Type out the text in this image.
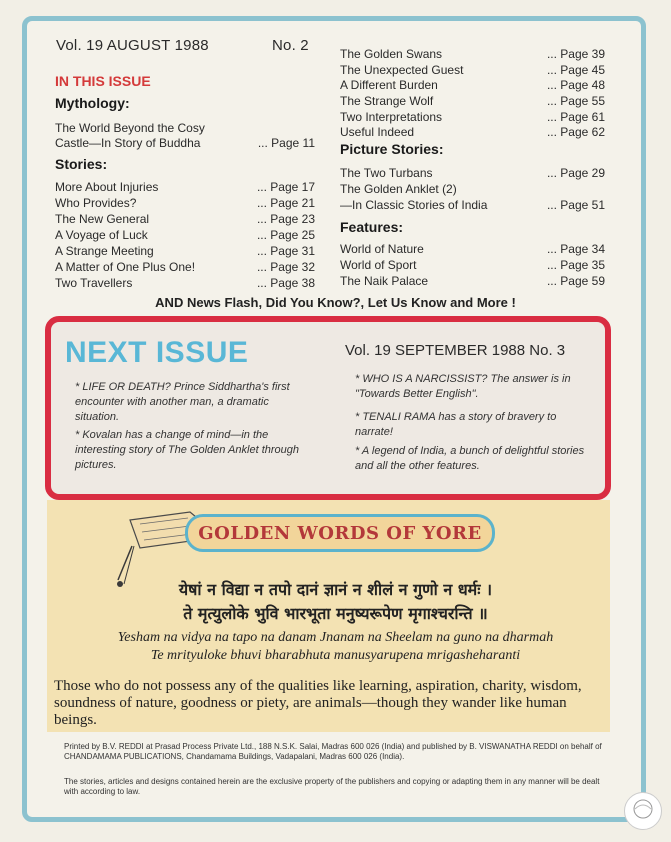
Vol. 19 AUGUST 1988	No. 2
IN THIS ISSUE
Mythology:
The World Beyond the Cosy
Castle—In Story of Buddha	... Page 11
Stories:
More About Injuries	... Page 17
Who Provides?	... Page 21
The New General	... Page 23
A Voyage of Luck	... Page 25
A Strange Meeting	... Page 31
A Matter of One Plus One!	... Page 32
Two Travellers	... Page 38
The Golden Swans	... Page 39
The Unexpected Guest	... Page 45
A Different Burden	... Page 48
The Strange Wolf	... Page 55
Two Interpretations	... Page 61
Useful Indeed	... Page 62
Picture Stories:
The Two Turbans	... Page 29
The Golden Anklet (2)
—In Classic Stories of India	... Page 51
Features:
World of Nature	... Page 34
World of Sport	... Page 35
The Naik Palace	... Page 59
AND News Flash, Did You Know?, Let Us Know and More !
NEXT ISSUE	Vol. 19 SEPTEMBER 1988 No. 3
* LIFE OR DEATH? Prince Siddhartha's first encounter with another man, a dramatic situation.
* Kovalan has a change of mind—in the interesting story of The Golden Anklet through pictures.
* WHO IS A NARCISSIST? The answer is in "Towards Better English".
* TENALI RAMA has a story of bravery to narrate!
* A legend of India, a bunch of delightful stories and all the other features.
GOLDEN WORDS OF YORE
येषां न विद्या न तपो दानं ज्ञानं न शीलं न गुणो न धर्मः ।
ते मृत्युलोके भुवि भारभूता मनुष्यरूपेण मृगाश्चरन्ति ॥
Yesham na vidya na tapo na danam Jnanam na Sheelam na guno na dharmah
Te mrityuloke bhuvi bharabhuta manusyarupena mrigasheharanti
Those who do not possess any of the qualities like learning, aspiration, charity, wisdom, soundness of nature, goodness or piety, are animals—though they wander like human beings.
Printed by B.V. REDDI at Prasad Process Private Ltd., 188 N.S.K. Salai, Madras 600 026 (India) and published by B. VISWANATHA REDDI on behalf of CHANDAMAMA PUBLICATIONS, Chandamama Buildings, Vadapalani, Madras 600 026 (India).
The stories, articles and designs contained herein are the exclusive property of the publishers and copying or adapting them in any manner will be dealt with according to law.
